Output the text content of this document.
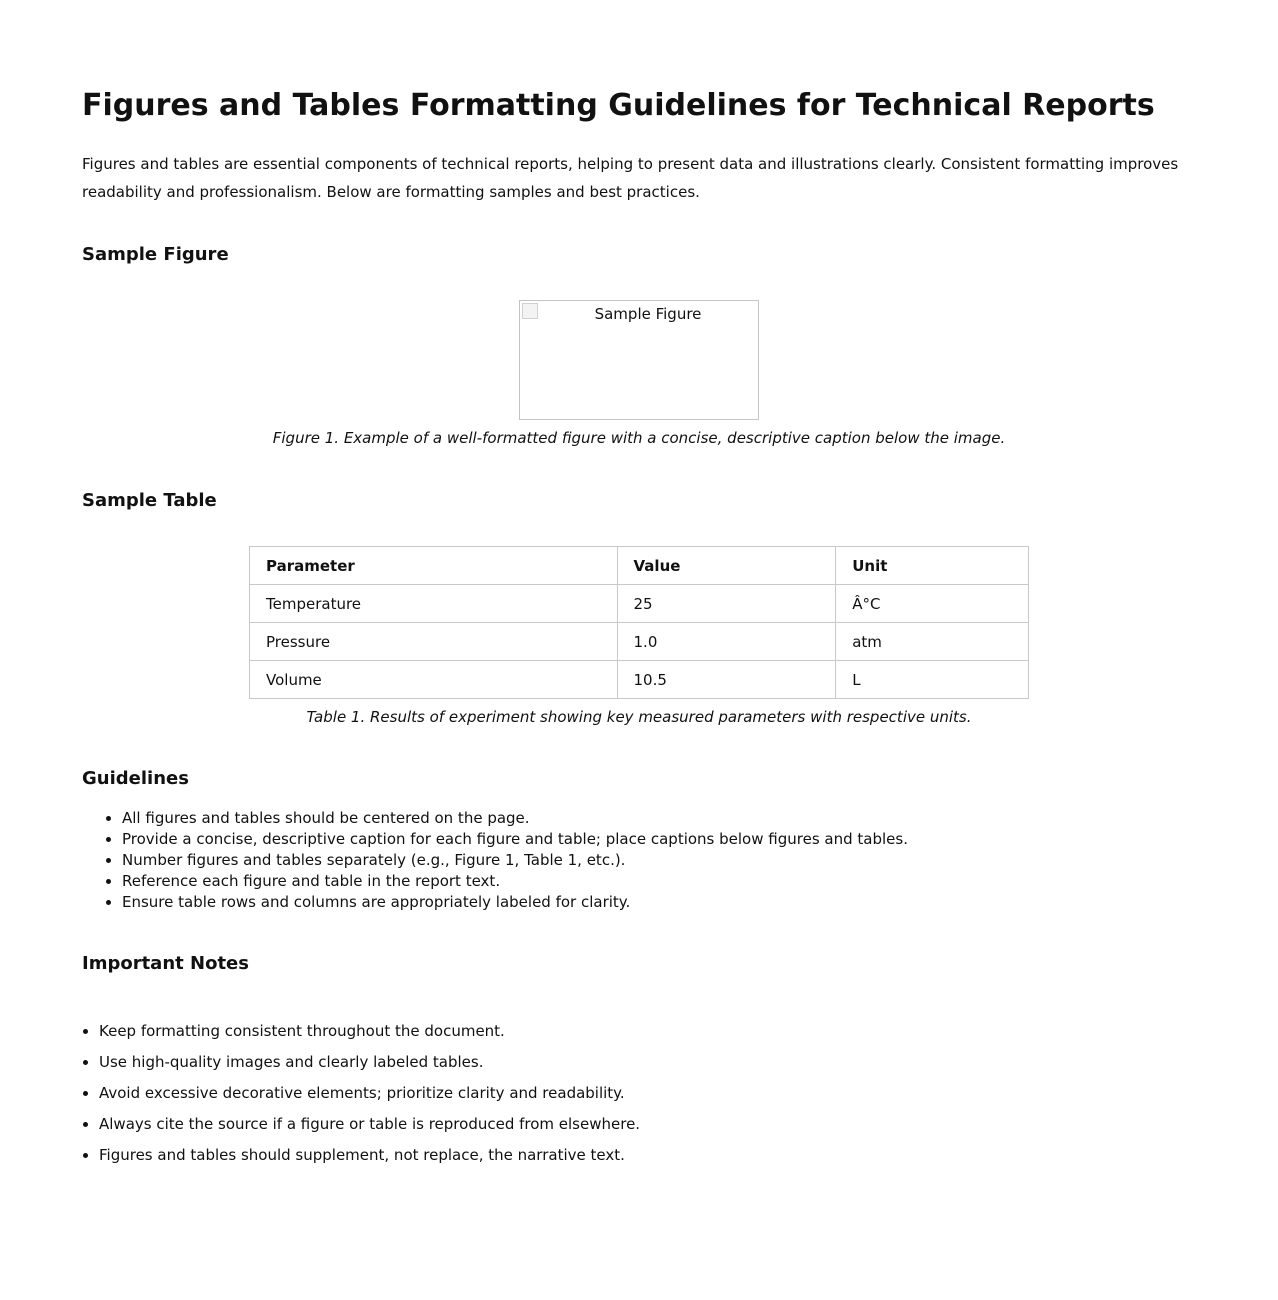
Figures and Tables Formatting Guidelines for Technical Reports

Figures and tables are essential components of technical reports, helping to present data and illustrations clearly. Consistent formatting improves readability and professionalism. Below are formatting samples and best practices.

Sample Figure
Sample Figure
Figure 1. Example of a well-formatted figure with a concise, descriptive caption below the image.
Sample Table
Parameter	Value	Unit
Temperature	25	Â°C
Pressure	1.0	atm
Volume	10.5	L
Table 1. Results of experiment showing key measured parameters with respective units.
Guidelines
• All figures and tables should be centered on the page.
• Provide a concise, descriptive caption for each figure and table; place captions below figures and tables.
• Number figures and tables separately (e.g., Figure 1, Table 1, etc.).
• Reference each figure and table in the report text.
• Ensure table rows and columns are appropriately labeled for clarity.
Important Notes
• Keep formatting consistent throughout the document.
• Use high-quality images and clearly labeled tables.
• Avoid excessive decorative elements; prioritize clarity and readability.
• Always cite the source if a figure or table is reproduced from elsewhere.
• Figures and tables should supplement, not replace, the narrative text.
